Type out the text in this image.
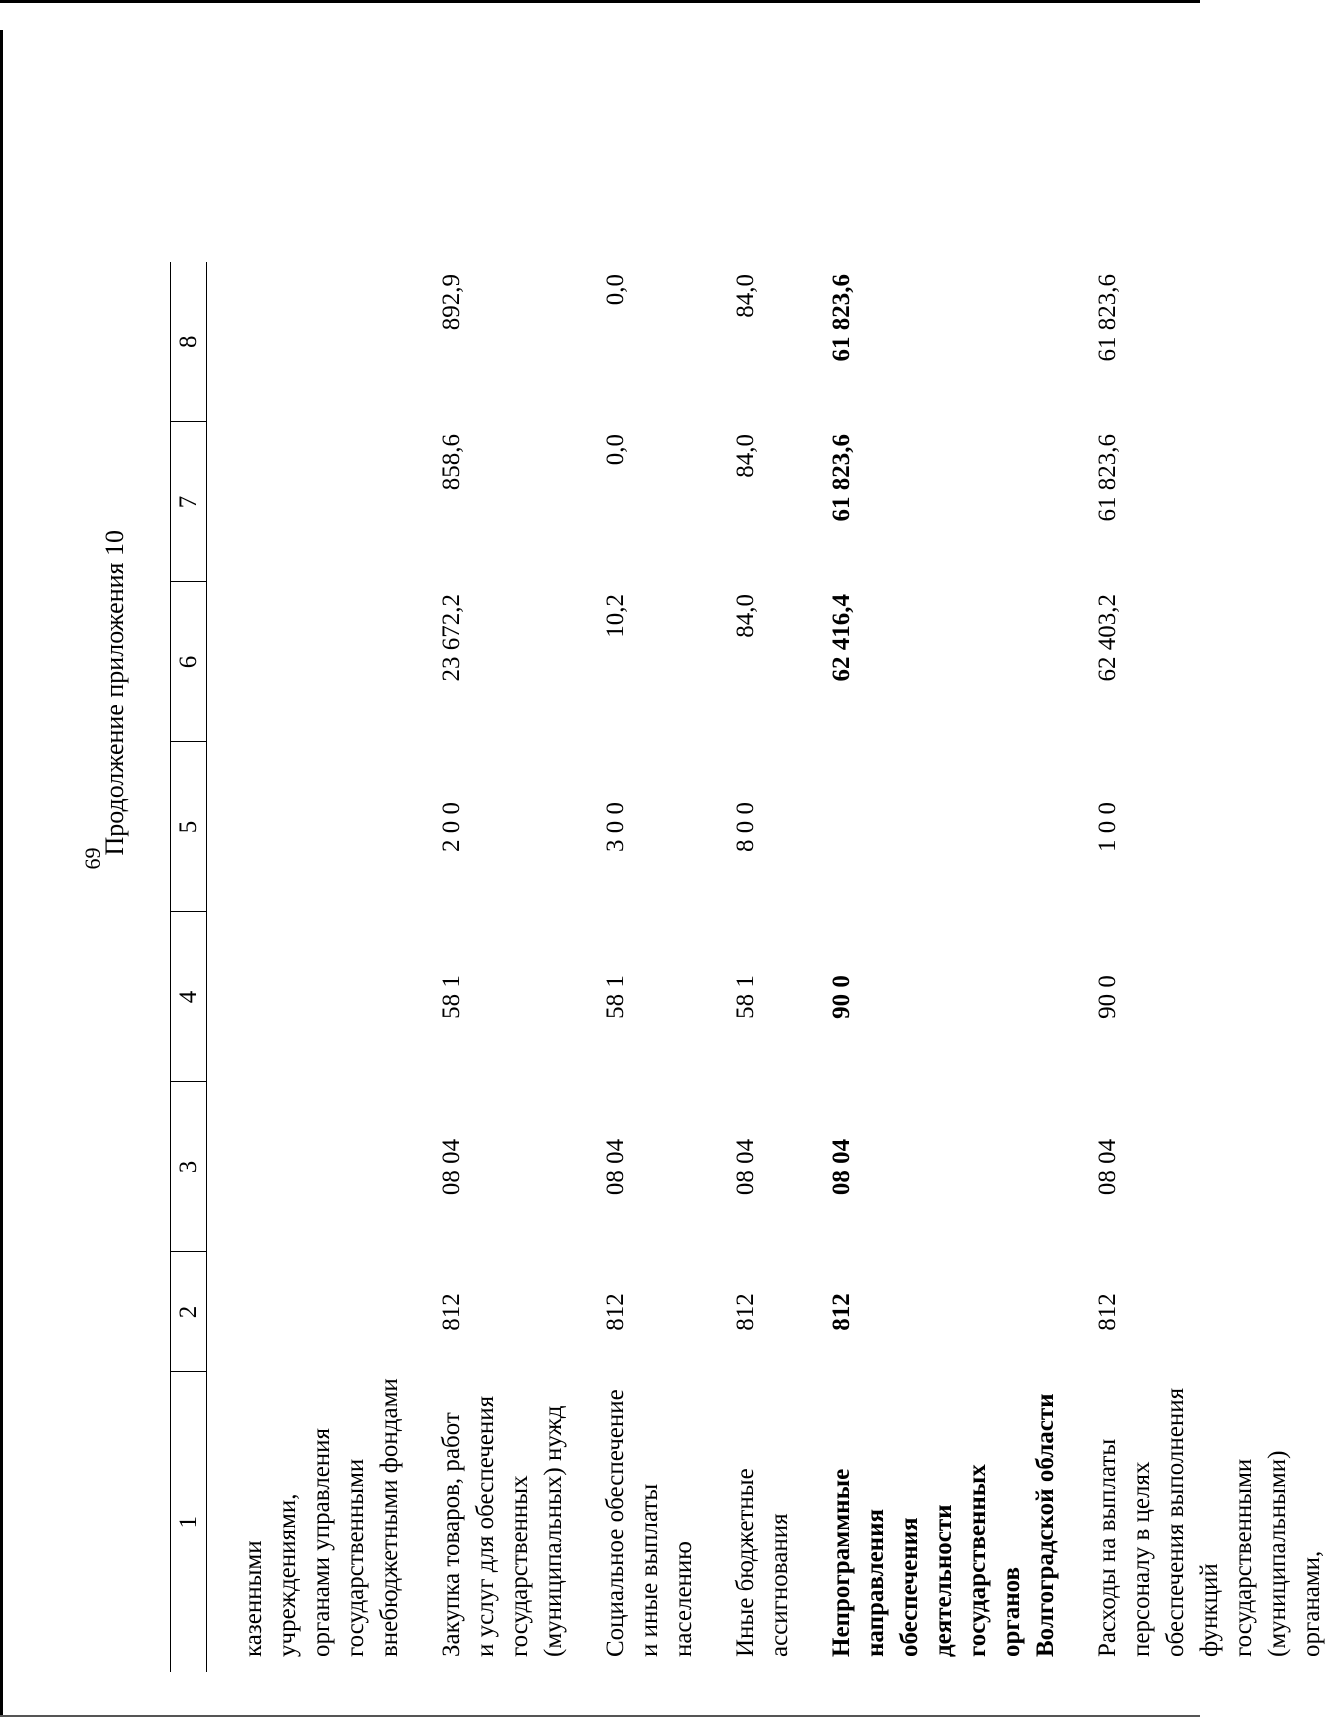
69
Продолжение приложения 10
1	2	3	4	5	6	7	8

казенными учреждениями, органами управления государственными внебюджетными фондами							

Закупка товаров, работ и услуг для обеспечения государственных (муниципальных) нужд	812	08 04	58 1	2 0 0	23 672,2	858,6	892,9

Социальное обеспечение и иные выплаты населению	812	08 04	58 1	3 0 0	10,2	0,0	0,0

Иные бюджетные ассигнования	812	08 04	58 1	8 0 0	84,0	84,0	84,0

Непрограммные направления обеспечения деятельности государственных органов Волгоградской области	812	08 04	90 0		62 416,4	61 823,6	61 823,6

Расходы на выплаты персоналу в целях обеспечения выполнения функций государственными (муниципальными) органами,	812	08 04	90 0	1 0 0	62 403,2	61 823,6	61 823,6
